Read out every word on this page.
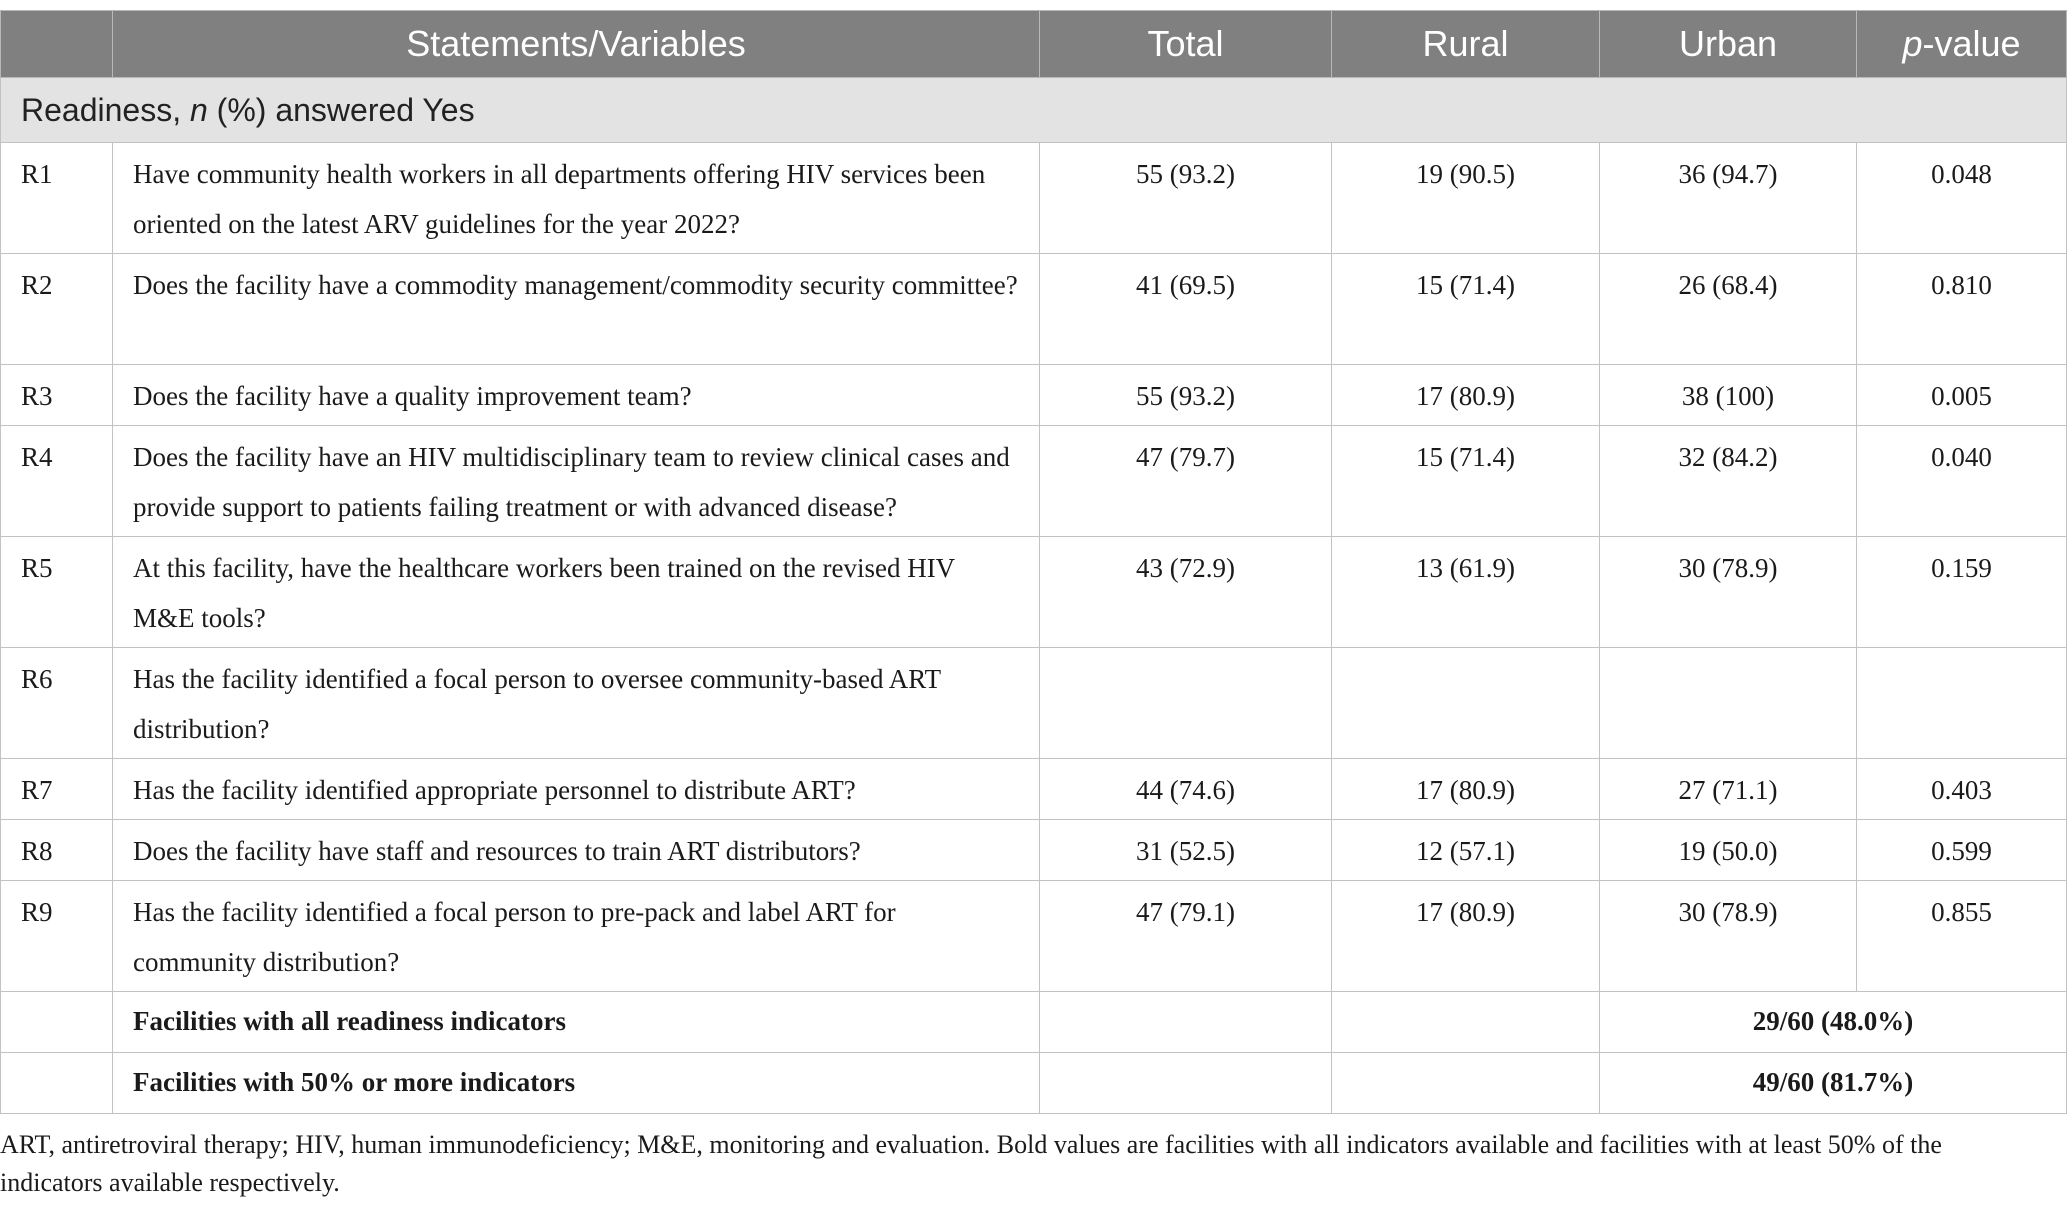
	Statements/Variables	Total	Rural	Urban	p-value
Readiness, n (%) answered Yes					
R1	Have community health workers in all departments offering HIV services been oriented on the latest ARV guidelines for the year 2022?	55 (93.2)	19 (90.5)	36 (94.7)	0.048
R2	Does the facility have a commodity management/commodity security committee?	41 (69.5)	15 (71.4)	26 (68.4)	0.810
R3	Does the facility have a quality improvement team?	55 (93.2)	17 (80.9)	38 (100)	0.005
R4	Does the facility have an HIV multidisciplinary team to review clinical cases and provide support to patients failing treatment or with advanced disease?	47 (79.7)	15 (71.4)	32 (84.2)	0.040
R5	At this facility, have the healthcare workers been trained on the revised HIV M&E tools?	43 (72.9)	13 (61.9)	30 (78.9)	0.159
R6	Has the facility identified a focal person to oversee community-based ART distribution?				
R7	Has the facility identified appropriate personnel to distribute ART?	44 (74.6)	17 (80.9)	27 (71.1)	0.403
R8	Does the facility have staff and resources to train ART distributors?	31 (52.5)	12 (57.1)	19 (50.0)	0.599
R9	Has the facility identified a focal person to pre-pack and label ART for community distribution?	47 (79.1)	17 (80.9)	30 (78.9)	0.855
	Facilities with all readiness indicators			29/60 (48.0%)	
	Facilities with 50% or more indicators			49/60 (81.7%)	
ART, antiretroviral therapy; HIV, human immunodeficiency; M&E, monitoring and evaluation. Bold values are facilities with all indicators available and facilities with at least 50% of the indicators available respectively.
